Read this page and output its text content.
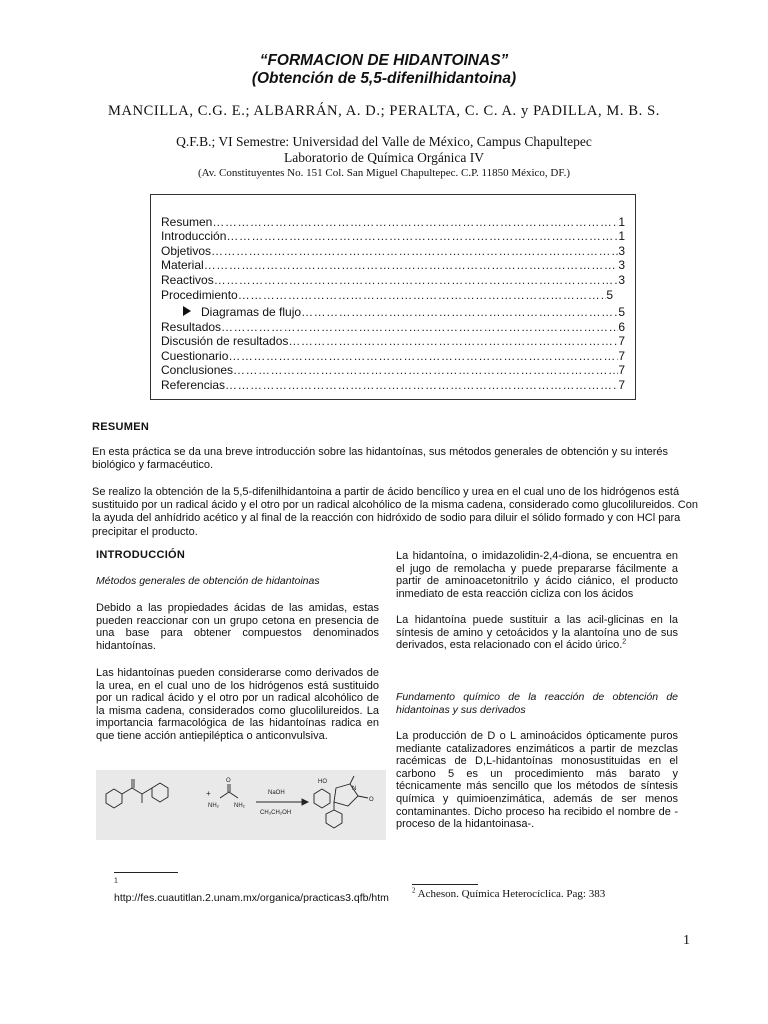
“FORMACION DE HIDANTOINAS”
(Obtención de 5,5-difenilhidantoina)
MANCILLA, C.G. E.; ALBARRÁN, A. D.; PERALTA, C. C. A. y PADILLA, M. B. S.
Q.F.B.; VI Semestre: Universidad del Valle de México, Campus Chapultepec
Laboratorio de Química Orgánica IV
(Av. Constituyentes No. 151 Col. San Miguel Chapultepec. C.P. 11850 México, DF.)
Resumen ……………………………………………………………………………………………………………………………………………………	1
Introducción ……………………………………………………………………………………………………………………………………………………	1
Objetivos ……………………………………………………………………………………………………………………………………………………	3
Material ……………………………………………………………………………………………………………………………………………………	3
Reactivos ……………………………………………………………………………………………………………………………………………………	3
Procedimiento ……………………………………………………………………………………………………………………………………………………	5
Diagramas de flujo ……………………………………………………………………………………………………………………………………………………	5
Resultados ……………………………………………………………………………………………………………………………………………………	6
Discusión de resultados ……………………………………………………………………………………………………………………………………………………	7
Cuestionario ……………………………………………………………………………………………………………………………………………………	7
Conclusiones ……………………………………………………………………………………………………………………………………………………	7
Referencias ……………………………………………………………………………………………………………………………………………………	7
RESUMEN
En esta práctica se da una breve introducción sobre las hidantoínas, sus métodos generales de obtención y su interés biológico y farmacéutico.
Se realizo la obtención de la 5,5-difenilhidantoina a partir de ácido bencílico y urea en el cual uno de los hidrógenos está sustituido por un radical ácido y el otro por un radical alcohólico de la misma cadena, considerado como glucolilureidos. Con la ayuda del anhídrido acético y al final de la reacción con hidróxido de sodio para diluir el sólido formado y con HCl para precipitar el producto.
INTRODUCCIÓN
Métodos generales de obtención de hidantoinas
Debido a las propiedades ácidas de las amidas, estas pueden reaccionar con un grupo cetona en presencia de una base para obtener compuestos denominados hidantoínas.
Las hidantoínas pueden considerarse como derivados de la urea, en el cual uno de los hidrógenos está sustituido por un radical ácido y el otro por un radical alcohólico de la misma cadena, considerados como glucolilureidos. La importancia farmacológica de las hidantoínas radica en que tiene acción antiepiléptica o anticonvulsiva.
+
O
NH₂	NH₂
NaOH
CH₃CH₂OH
HO
N
O
La hidantoína, o imidazolidin-2,4-diona, se encuentra en el jugo de remolacha y puede prepararse fácilmente a partir de aminoacetonitrilo y ácido ciánico, el producto inmediato de esta reacción cicliza con los ácidos
La hidantoína puede sustituir a las acil-glicinas en la síntesis de amino y cetoácidos y la alantoína uno de sus derivados, esta relacionado con el ácido úrico.$^2$
Fundamento químico de la reacción de obtención de hidantoinas y sus derivados
La producción de D o L aminoácidos ópticamente puros mediante catalizadores enzimáticos a partir de mezclas racémicas de D,L-hidantoínas monosustituidas en el carbono 5 es un procedimiento más barato y técnicamente más sencillo que los métodos de síntesis química y quimioenzimática, además de ser menos contaminantes. Dicho proceso ha recibido el nombre de -proceso de la hidantoinasa-.
$^1$ http://fes.cuautitlan.2.unam.mx/organica/practicas3.qfb/htm
$^2$ Acheson. Química Heterocíclica. Pag: 383
1
